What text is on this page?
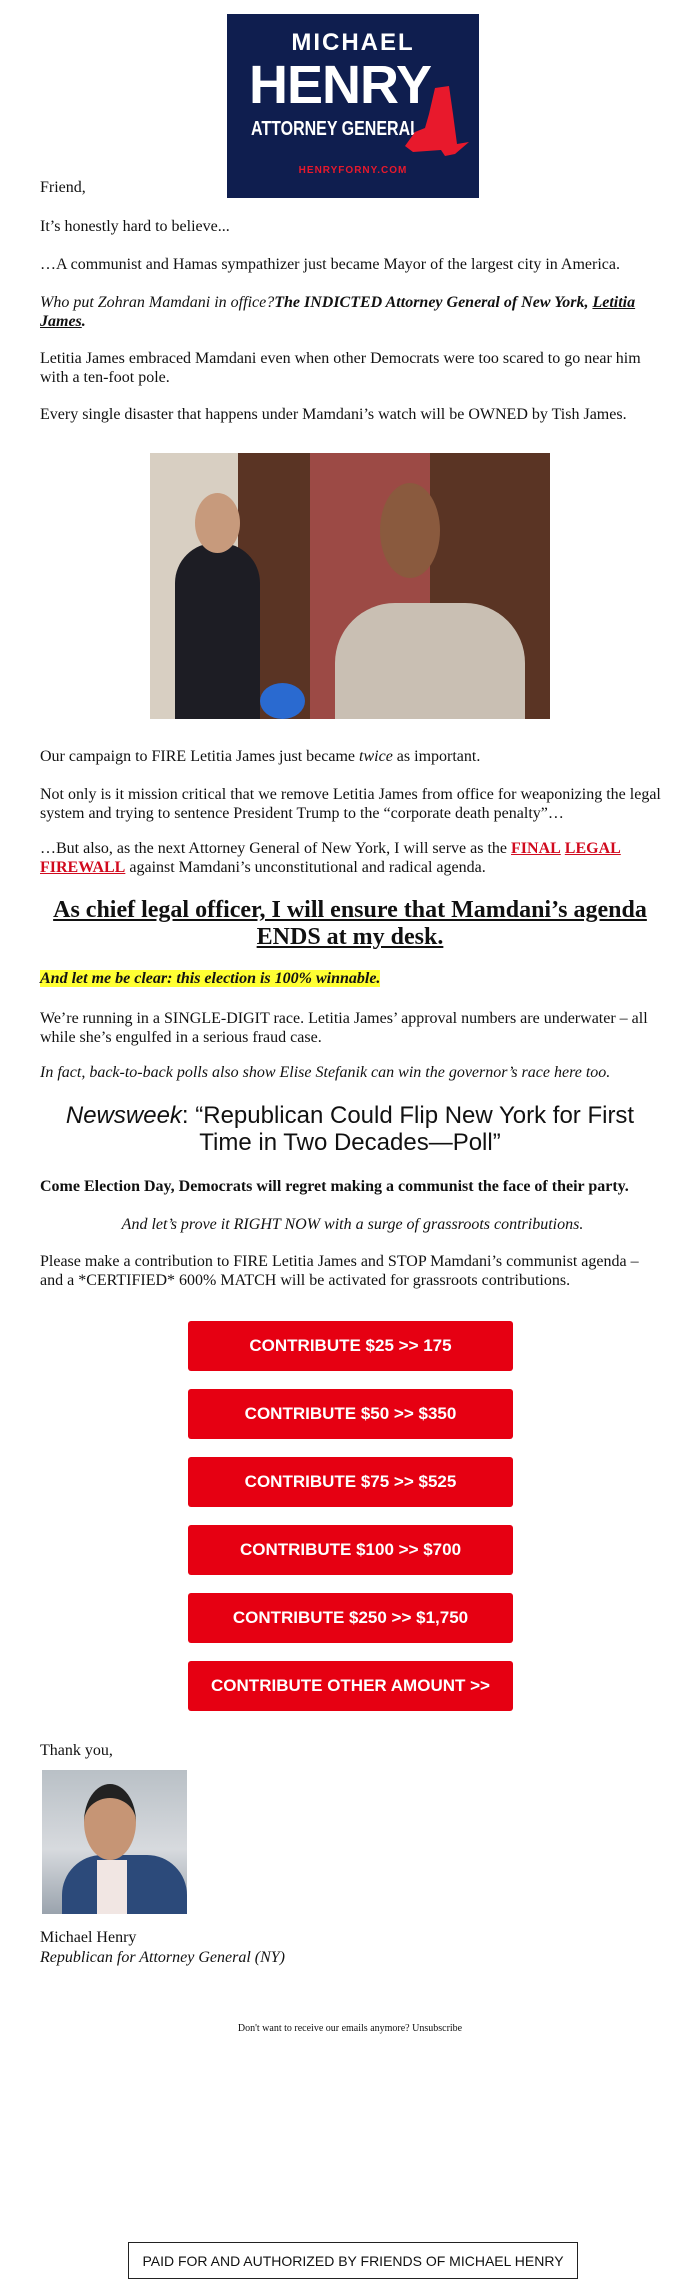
MICHAEL
HENRY
ATTORNEY GENERAL
HENRYFORNY.COM
Friend,
It’s honestly hard to believe...
…A communist and Hamas sympathizer just became Mayor of the largest city in America.
Who put Zohran Mamdani in office?The INDICTED Attorney General of New York, Letitia James.
Letitia James embraced Mamdani even when other Democrats were too scared to go near him with a ten-foot pole.
Every single disaster that happens under Mamdani’s watch will be OWNED by Tish James.
Our campaign to FIRE Letitia James just became twice as important.
Not only is it mission critical that we remove Letitia James from office for weaponizing the legal system and trying to sentence President Trump to the “corporate death penalty”…
…But also, as the next Attorney General of New York, I will serve as the FINAL LEGAL FIREWALL against Mamdani’s unconstitutional and radical agenda.
As chief legal officer, I will ensure that Mamdani’s agenda ENDS at my desk.
And let me be clear: this election is 100% winnable.
We’re running in a SINGLE-DIGIT race. Letitia James’ approval numbers are underwater – all while she’s engulfed in a serious fraud case.
In fact, back-to-back polls also show Elise Stefanik can win the governor’s race here too.
Newsweek: “Republican Could Flip New York for First Time in Two Decades—Poll”
Come Election Day, Democrats will regret making a communist the face of their party.
And let’s prove it RIGHT NOW with a surge of grassroots contributions.
Please make a contribution to FIRE Letitia James and STOP Mamdani’s communist agenda – and a *CERTIFIED* 600% MATCH will be activated for grassroots contributions.
CONTRIBUTE $25 >> 175
CONTRIBUTE $50 >> $350
CONTRIBUTE $75 >> $525
CONTRIBUTE $100 >> $700
CONTRIBUTE $250 >> $1,750
CONTRIBUTE OTHER AMOUNT >>
Thank you,
Michael Henry
Republican for Attorney General (NY)
Don't want to receive our emails anymore? Unsubscribe
PAID FOR AND AUTHORIZED BY FRIENDS OF MICHAEL HENRY
